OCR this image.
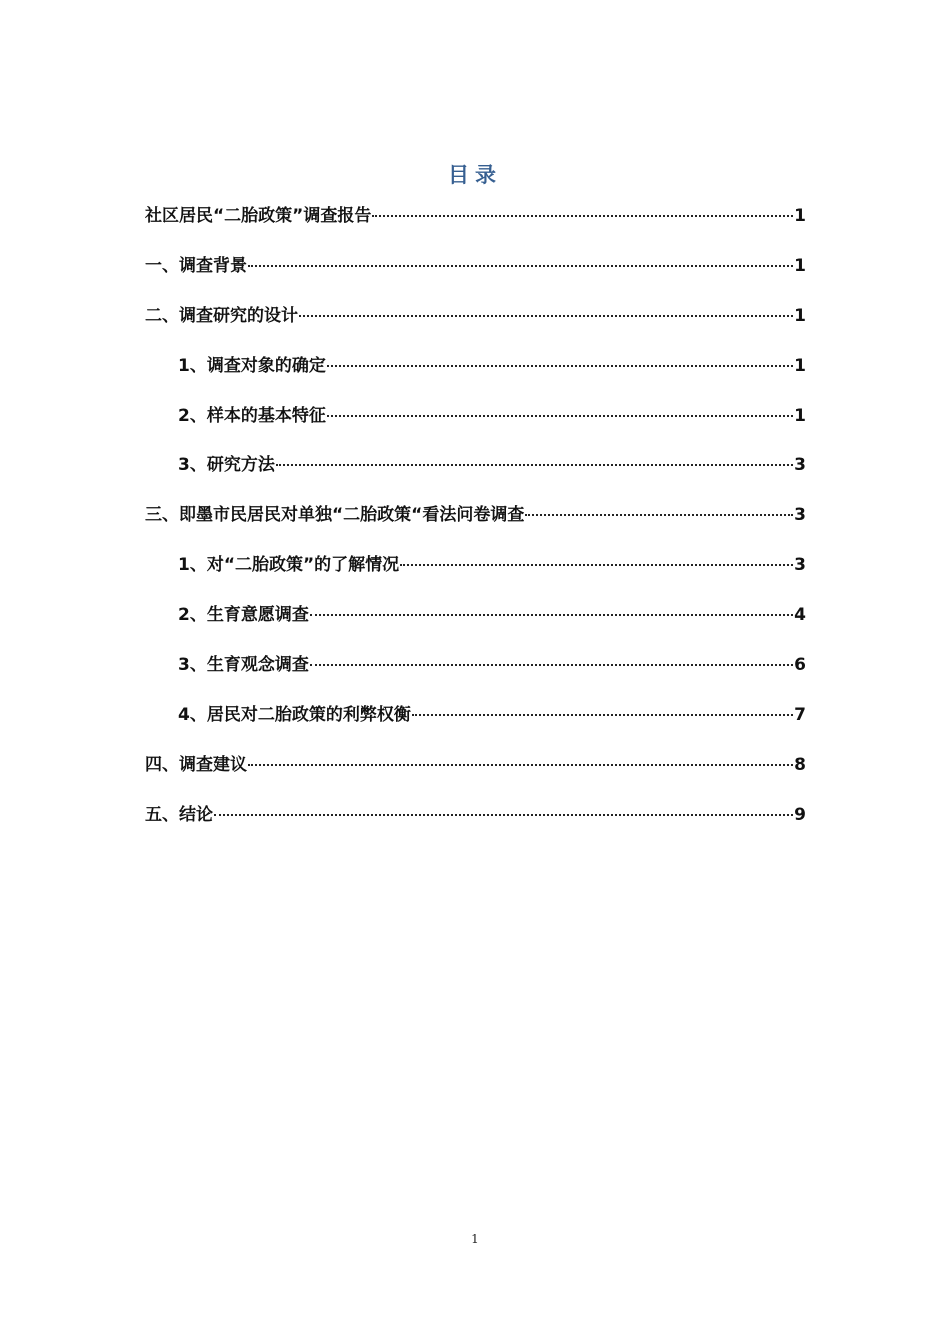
目录
社区居民“二胎政策”调查报告	1
一、调查背景	1
二、调查研究的设计	1
1、调查对象的确定	1
2、样本的基本特征	1
3、研究方法	3
三、即墨市民居民对单独“二胎政策“看法问卷调查	3
1、对“二胎政策”的了解情况	3
2、生育意愿调查	4
3、生育观念调查	6
4、居民对二胎政策的利弊权衡	7
四、调查建议	8
五、结论	9
1
